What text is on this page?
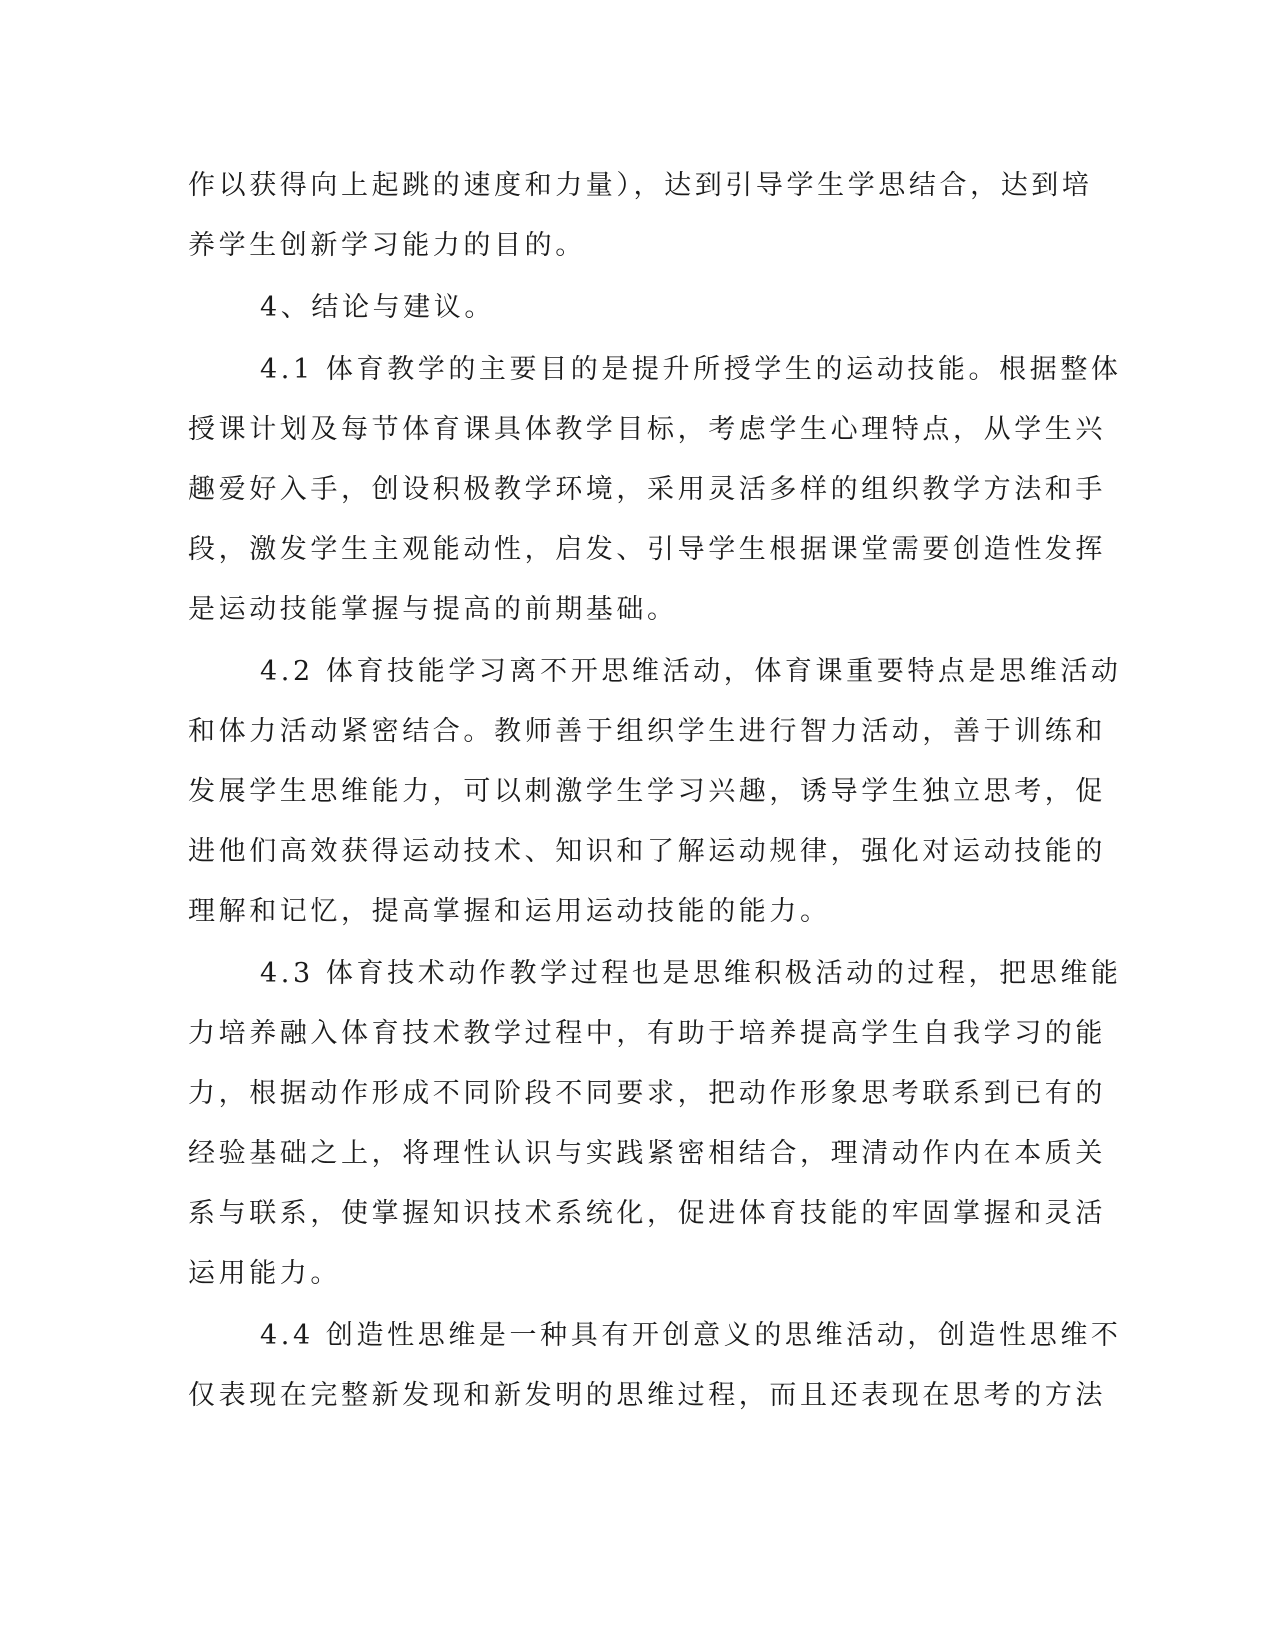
作以获得向上起跳的速度和力量），达到引导学生学思结合，达到培
养学生创新学习能力的目的。
4、结论与建议。
4.1 体育教学的主要目的是提升所授学生的运动技能。根据整体
授课计划及每节体育课具体教学目标，考虑学生心理特点，从学生兴
趣爱好入手，创设积极教学环境，采用灵活多样的组织教学方法和手
段，激发学生主观能动性，启发、引导学生根据课堂需要创造性发挥
是运动技能掌握与提高的前期基础。
4.2 体育技能学习离不开思维活动，体育课重要特点是思维活动
和体力活动紧密结合。教师善于组织学生进行智力活动，善于训练和
发展学生思维能力，可以刺激学生学习兴趣，诱导学生独立思考，促
进他们高效获得运动技术、知识和了解运动规律，强化对运动技能的
理解和记忆，提高掌握和运用运动技能的能力。
4.3 体育技术动作教学过程也是思维积极活动的过程，把思维能
力培养融入体育技术教学过程中，有助于培养提高学生自我学习的能
力，根据动作形成不同阶段不同要求，把动作形象思考联系到已有的
经验基础之上，将理性认识与实践紧密相结合，理清动作内在本质关
系与联系，使掌握知识技术系统化，促进体育技能的牢固掌握和灵活
运用能力。
4.4 创造性思维是一种具有开创意义的思维活动，创造性思维不
仅表现在完整新发现和新发明的思维过程，而且还表现在思考的方法
